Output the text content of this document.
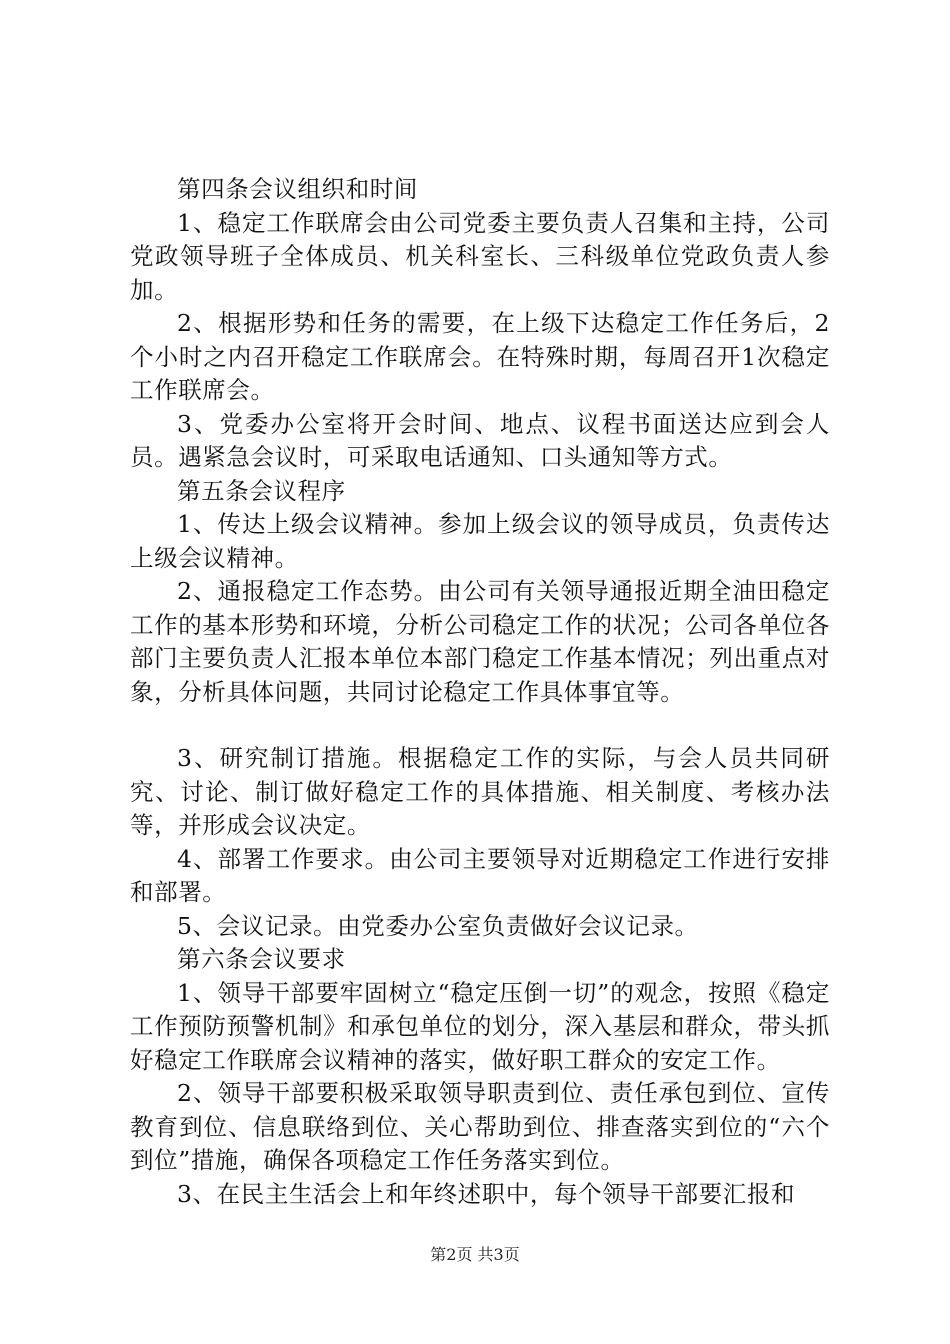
第四条会议组织和时间

1、稳定工作联席会由公司党委主要负责人召集和主持，公司党政领导班子全体成员、机关科室长、三科级单位党政负责人参加。

2、根据形势和任务的需要，在上级下达稳定工作任务后，2个小时之内召开稳定工作联席会。在特殊时期，每周召开1次稳定工作联席会。

3、党委办公室将开会时间、地点、议程书面送达应到会人员。遇紧急会议时，可采取电话通知、口头通知等方式。

第五条会议程序

1、传达上级会议精神。参加上级会议的领导成员，负责传达上级会议精神。

2、通报稳定工作态势。由公司有关领导通报近期全油田稳定工作的基本形势和环境，分析公司稳定工作的状况；公司各单位各部门主要负责人汇报本单位本部门稳定工作基本情况；列出重点对象，分析具体问题，共同讨论稳定工作具体事宜等。

3、研究制订措施。根据稳定工作的实际，与会人员共同研究、讨论、制订做好稳定工作的具体措施、相关制度、考核办法等，并形成会议决定。

4、部署工作要求。由公司主要领导对近期稳定工作进行安排和部署。

5、会议记录。由党委办公室负责做好会议记录。

第六条会议要求

1、领导干部要牢固树立“稳定压倒一切”的观念，按照《稳定工作预防预警机制》和承包单位的划分，深入基层和群众，带头抓好稳定工作联席会议精神的落实，做好职工群众的安定工作。

2、领导干部要积极采取领导职责到位、责任承包到位、宣传教育到位、信息联络到位、关心帮助到位、排查落实到位的“六个到位”措施，确保各项稳定工作任务落实到位。

3、在民主生活会上和年终述职中，每个领导干部要汇报和

第2页 共3页
